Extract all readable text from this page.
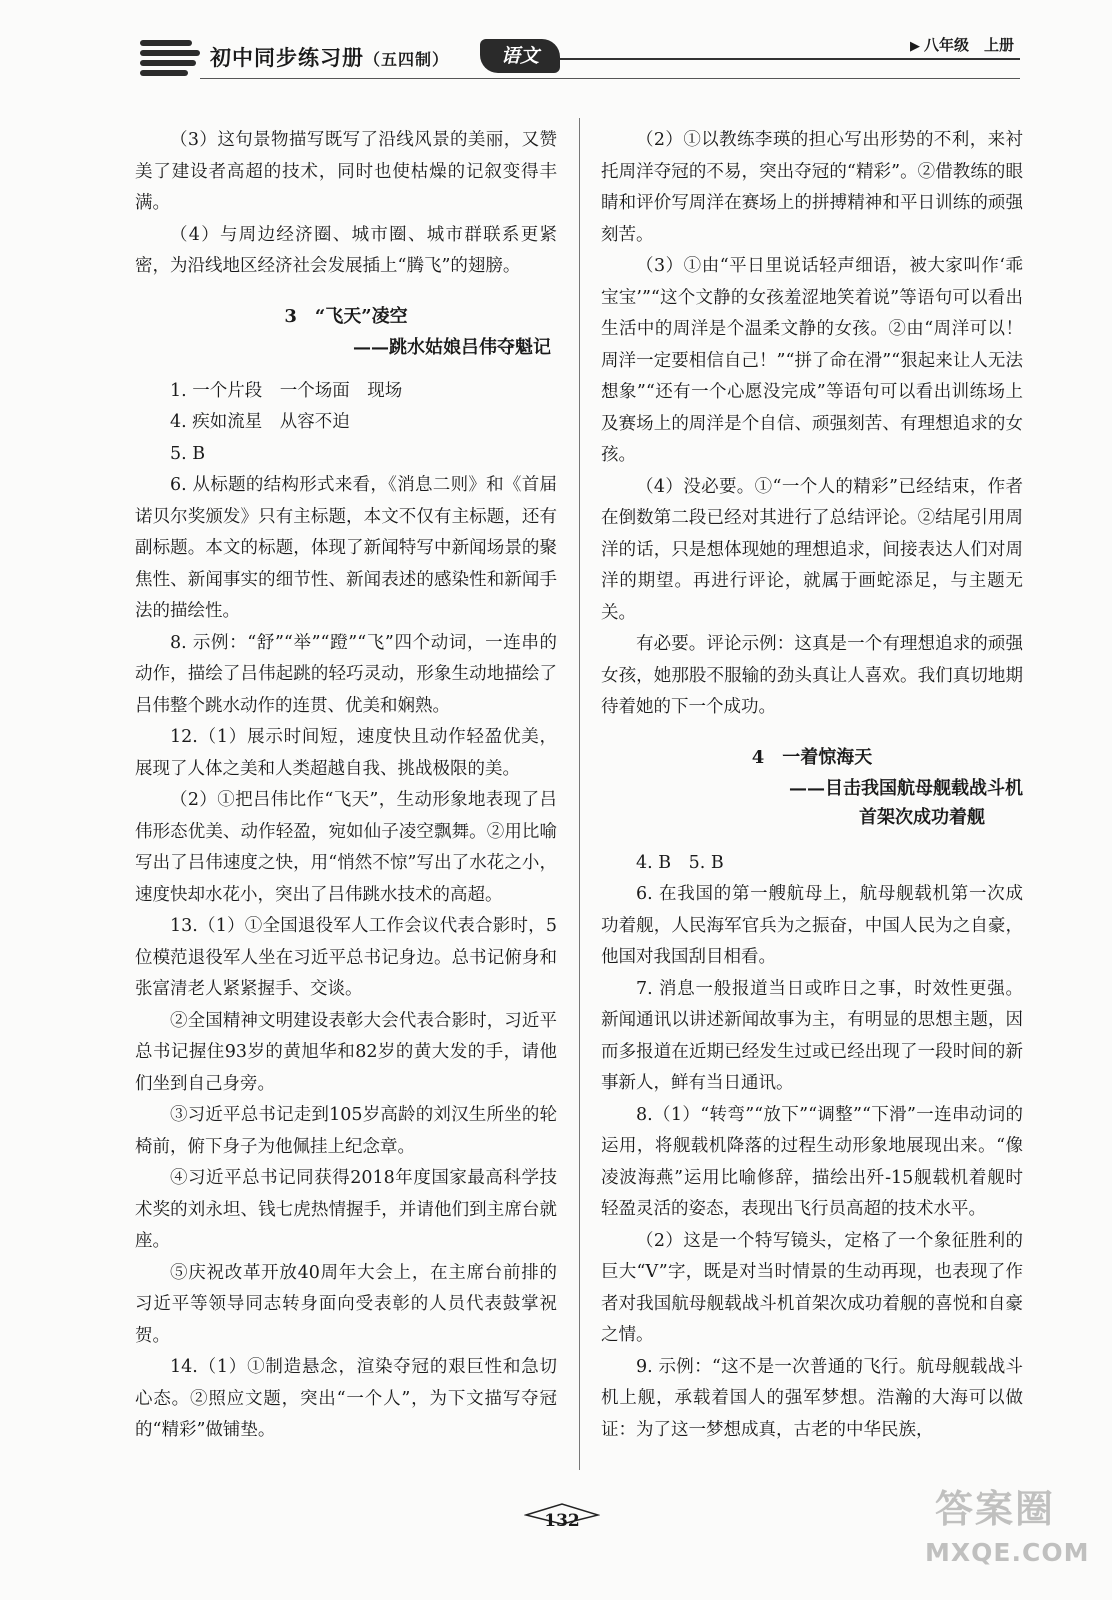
初中同步练习册（五四制）	语文	▶ 八年级　上册

（3）这句景物描写既写了沿线风景的美丽，又赞美了建设者高超的技术，同时也使枯燥的记叙变得丰满。

（4）与周边经济圈、城市圈、城市群联系更紧密，为沿线地区经济社会发展插上“腾飞”的翅膀。

3　“飞天”凌空

——跳水姑娘吕伟夺魁记

1. 一个片段　一个场面　现场

4. 疾如流星　从容不迫

5. B

6. 从标题的结构形式来看，《消息二则》和《首届诺贝尔奖颁发》只有主标题，本文不仅有主标题，还有副标题。本文的标题，体现了新闻特写中新闻场景的聚焦性、新闻事实的细节性、新闻表述的感染性和新闻手法的描绘性。

8. 示例：“舒”“举”“蹬”“飞”四个动词，一连串的动作，描绘了吕伟起跳的轻巧灵动，形象生动地描绘了吕伟整个跳水动作的连贯、优美和娴熟。

12.（1）展示时间短，速度快且动作轻盈优美，展现了人体之美和人类超越自我、挑战极限的美。

（2）①把吕伟比作“飞天”，生动形象地表现了吕伟形态优美、动作轻盈，宛如仙子凌空飘舞。②用比喻写出了吕伟速度之快，用“悄然不惊”写出了水花之小，速度快却水花小，突出了吕伟跳水技术的高超。

13.（1）①全国退役军人工作会议代表合影时，5位模范退役军人坐在习近平总书记身边。总书记俯身和张富清老人紧紧握手、交谈。

②全国精神文明建设表彰大会代表合影时，习近平总书记握住93岁的黄旭华和82岁的黄大发的手，请他们坐到自己身旁。

③习近平总书记走到105岁高龄的刘汉生所坐的轮椅前，俯下身子为他佩挂上纪念章。

④习近平总书记同获得2018年度国家最高科学技术奖的刘永坦、钱七虎热情握手，并请他们到主席台就座。

⑤庆祝改革开放40周年大会上，在主席台前排的习近平等领导同志转身面向受表彰的人员代表鼓掌祝贺。

14.（1）①制造悬念，渲染夺冠的艰巨性和急切心态。②照应文题，突出“一个人”，为下文描写夺冠的“精彩”做铺垫。

（2）①以教练李瑛的担心写出形势的不利，来衬托周洋夺冠的不易，突出夺冠的“精彩”。②借教练的眼睛和评价写周洋在赛场上的拼搏精神和平日训练的顽强刻苦。

（3）①由“平日里说话轻声细语，被大家叫作‘乖宝宝’”“这个文静的女孩羞涩地笑着说”等语句可以看出生活中的周洋是个温柔文静的女孩。②由“周洋可以！周洋一定要相信自己！”“拼了命在滑”“狠起来让人无法想象”“还有一个心愿没完成”等语句可以看出训练场上及赛场上的周洋是个自信、顽强刻苦、有理想追求的女孩。

（4）没必要。①“一个人的精彩”已经结束，作者在倒数第二段已经对其进行了总结评论。②结尾引用周洋的话，只是想体现她的理想追求，间接表达人们对周洋的期望。再进行评论，就属于画蛇添足，与主题无关。

有必要。评论示例：这真是一个有理想追求的顽强女孩，她那股不服输的劲头真让人喜欢。我们真切地期待着她的下一个成功。

4　一着惊海天

——目击我国航母舰载战斗机

首架次成功着舰

4. B　5. B

6. 在我国的第一艘航母上，航母舰载机第一次成功着舰，人民海军官兵为之振奋，中国人民为之自豪，他国对我国刮目相看。

7. 消息一般报道当日或昨日之事，时效性更强。新闻通讯以讲述新闻故事为主，有明显的思想主题，因而多报道在近期已经发生过或已经出现了一段时间的新事新人，鲜有当日通讯。

8.（1）“转弯”“放下”“调整”“下滑”一连串动词的运用，将舰载机降落的过程生动形象地展现出来。“像凌波海燕”运用比喻修辞，描绘出歼-15舰载机着舰时轻盈灵活的姿态，表现出飞行员高超的技术水平。

（2）这是一个特写镜头，定格了一个象征胜利的巨大“V”字，既是对当时情景的生动再现，也表现了作者对我国航母舰载战斗机首架次成功着舰的喜悦和自豪之情。

9. 示例：“这不是一次普通的飞行。航母舰载战斗机上舰，承载着国人的强军梦想。浩瀚的大海可以做证：为了这一梦想成真，古老的中华民族，

132	答案圈
MXQE.COM
